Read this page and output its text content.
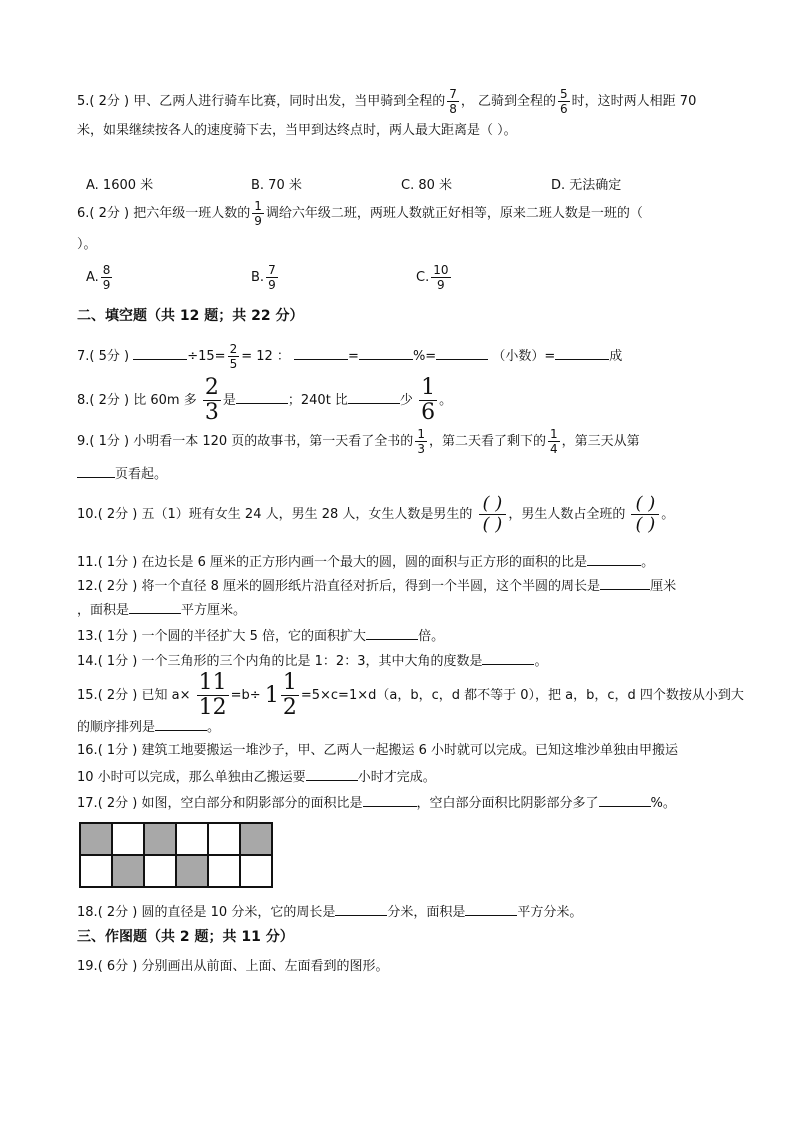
5.( 2分 ) 甲、乙两人进行骑车比赛，同时出发，当甲骑到全程的 $\frac{7}{8}$ ， 乙骑到全程的 $\frac{5}{6}$ 时，这时两人相距 70
米，如果继续按各人的速度骑下去，当甲到达终点时，两人最大距离是（ ）。
A. 1600 米	B. 70 米	C. 80 米	D. 无法确定
6.( 2分 ) 把六年级一班人数的 $\frac{1}{9}$ 调给六年级二班，两班人数就正好相等，原来二班人数是一班的（
）。
A. $\frac{8}{9}$	B. $\frac{7}{9}$	C. $\frac{10}{9}$
二、填空题（共 12 题；共 22 分）
7.( 5分 )	$\div 15= \frac{2}{5} = 12$ ：	=	%=	（小数）=	成
8.( 2分 ) 比 60m 多 $\frac{2}{3}$ 是	；240t 比	少 $\frac{1}{6}$ 。
9.( 1分 ) 小明看一本 120 页的故事书，第一天看了全书的 $\frac{1}{3}$ ，第二天看了剩下的 $\frac{1}{4}$ ，第三天从第
页看起。
10.( 2分 ) 五（1）班有女生 24 人，男生 28 人，女生人数是男生的 $\frac{( )}{( )}$ ，男生人数占全班的 $\frac{( )}{( )}$ 。
11.( 1分 ) 在边长是 6 厘米的正方形内画一个最大的圆，圆的面积与正方形的面积的比是	。
12.( 2分 ) 将一个直径 8 厘米的圆形纸片沿直径对折后，得到一个半圆，这个半圆的周长是	厘米
，面积是	平方厘米。
13.( 1分 ) 一个圆的半径扩大 5 倍，它的面积扩大	倍。
14.( 1分 ) 一个三角形的三个内角的比是 1：2：3，其中大角的度数是	。
15.( 2分 ) 已知 $a\times \frac{11}{12} =b\div 1 \frac{1}{2} =5\times c=1\times d(a$，b，c，d 都不等于 0），把 a，b，c，d 四个数按从小到大
的顺序排列是	。
16.( 1分 ) 建筑工地要搬运一堆沙子，甲、乙两人一起搬运 6 小时就可以完成。已知这堆沙单独由甲搬运
10 小时可以完成，那么单独由乙搬运要	小时才完成。
17.( 2分 ) 如图，空白部分和阴影部分的面积比是	，空白部分面积比阴影部分多了	%。

18.( 2分 ) 圆的直径是 10 分米，它的周长是	分米，面积是	平方分米。
三、作图题（共 2 题；共 11 分）
19.( 6分 ) 分别画出从前面、上面、左面看到的图形。
